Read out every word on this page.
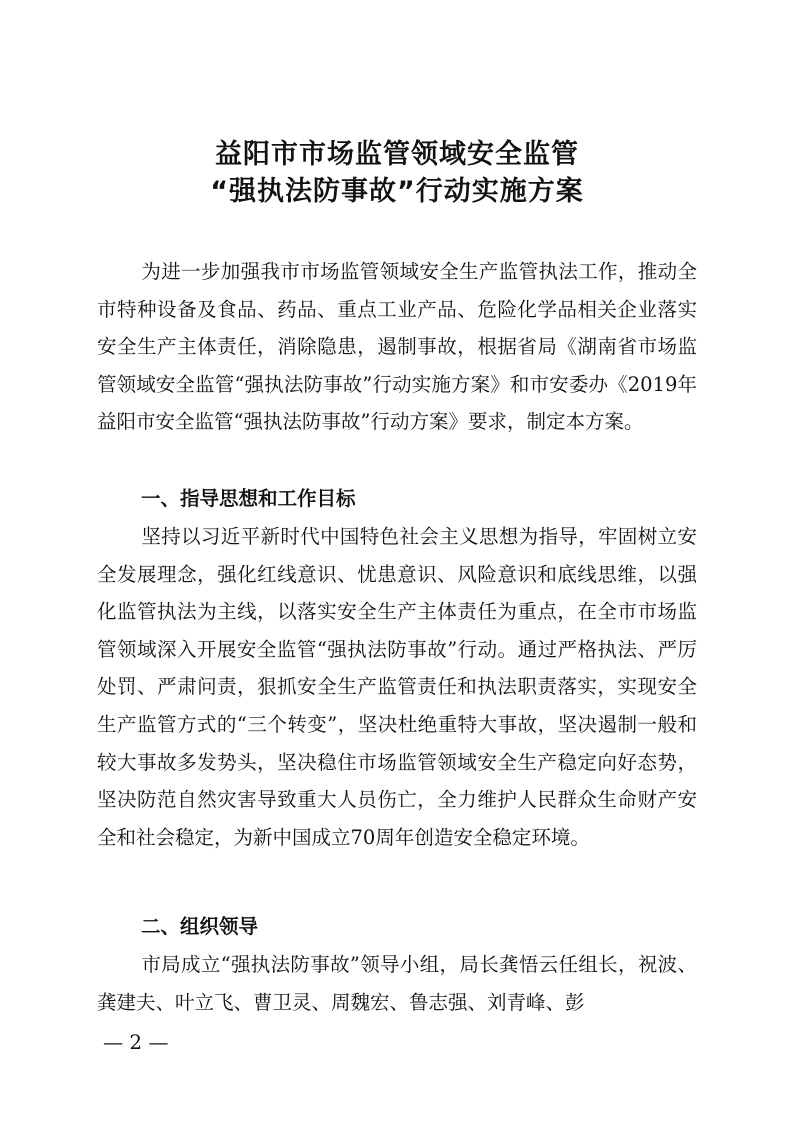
益阳市市场监管领域安全监管
“强执法防事故”行动实施方案

为进一步加强我市市场监管领域安全生产监管执法工作，推动全市特种设备及食品、药品、重点工业产品、危险化学品相关企业落实安全生产主体责任，消除隐患，遏制事故，根据省局《湖南省市场监管领域安全监管“强执法防事故”行动实施方案》和市安委办《2019年益阳市安全监管“强执法防事故”行动方案》要求，制定本方案。

一、指导思想和工作目标

坚持以习近平新时代中国特色社会主义思想为指导，牢固树立安全发展理念，强化红线意识、忧患意识、风险意识和底线思维，以强化监管执法为主线，以落实安全生产主体责任为重点，在全市市场监管领域深入开展安全监管“强执法防事故”行动。通过严格执法、严厉处罚、严肃问责，狠抓安全生产监管责任和执法职责落实，实现安全生产监管方式的“三个转变”，坚决杜绝重特大事故，坚决遏制一般和较大事故多发势头，坚决稳住市场监管领域安全生产稳定向好态势，坚决防范自然灾害导致重大人员伤亡，全力维护人民群众生命财产安全和社会稳定，为新中国成立70周年创造安全稳定环境。

二、组织领导

市局成立“强执法防事故”领导小组，局长龚悟云任组长，祝波、龚建夫、叶立飞、曹卫灵、周魏宏、鲁志强、刘青峰、彭

— 2 —
